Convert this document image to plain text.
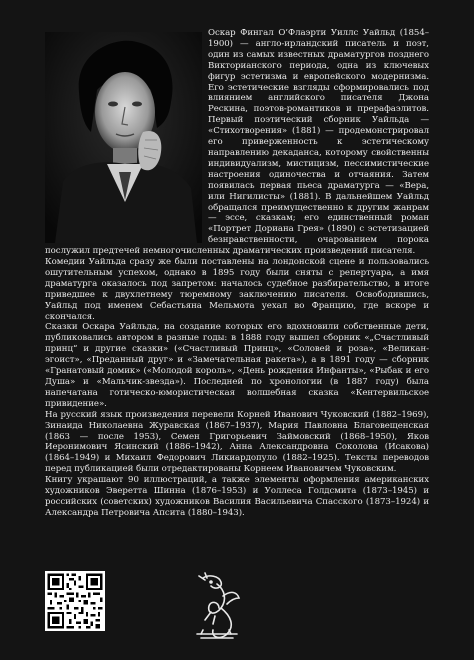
Оскар Фингал О’Флаэрти Уиллс Уайльд (1854–1900) — англо-ирландский писатель и поэт, один из самых известных драматургов позднего Викторианского периода, одна из ключевых фигур эстетизма и европейского модернизма. Его эстетические взгляды сформировались под влиянием английского писателя Джона Рескина, поэтов-романтиков и прерафаэлитов. Первый поэтический сборник Уайльда — «Стихотворения» (1881) — продемонстрировал его приверженность к эстетическому направлению декаданса, которому свойственны индивидуализм, мистицизм, пессимистические настроения одиночества и отчаяния. Затем появилась первая пьеса драматурга — «Вера, или Нигилисты» (1881). В дальнейшем Уайльд обращался преимущественно к другим жанрам — эссе, сказкам; его единственный роман «Портрет Дориана Грея» (1890) с эстетизацией безнравственности, очарованием порока послужил предтечей немногочисленных драматических произведений писателя.

Комедии Уайльда сразу же были поставлены на лондонской сцене и пользовались ошутительным успехом, однако в 1895 году были сняты с репертуара, а имя драматурга оказалось под запретом: началось судебное разбирательство, в итоге приведшее к двухлетнему тюремному заключению писателя. Освободившись, Уайльд под именем Себастьяна Мельмота уехал во Францию, где вскоре и скончался.

Сказки Оскара Уайльда, на создание которых его вдохновили собственные дети, публиковались автором в разные годы: в 1888 году вышел сборник «„Счастливый принц“ и другие сказки» («Счастливый Принц», «Соловей и роза», «Великан-эгоист», «Преданный друг» и «Замечательная ракета»), а в 1891 году — сборник «Гранатовый домик» («Молодой король», «День рождения Инфанты», «Рыбак и его Душа» и «Мальчик-звезда»). Последней по хронологии (в 1887 году) была напечатана готическо-юмористическая волшебная сказка «Кентервильское привидение».

На русский язык произведения перевели Корней Иванович Чуковский (1882–1969), Зинаида Николаевна Журавская (1867–1937), Мария Павловна Благовещенская (1863 — после 1953), Семен Григорьевич Займовский (1868–1950), Яков Иеронимович Ясинский (1886–1942), Анна Александровна Соколова (Исакова) (1864–1949) и Михаил Федорович Ликиардопуло (1882–1925). Тексты переводов перед публикацией были отредактированы Корнеем Ивановичем Чуковским.

Книгу украшают 90 иллюстраций, а также элементы оформления американских художников Эверетта Шинна (1876–1953) и Уоллеса Голдсмита (1873–1945) и российских (советских) художников Василия Васильевича Спасского (1873–1924) и Александра Петровича Апсита (1880–1943).
